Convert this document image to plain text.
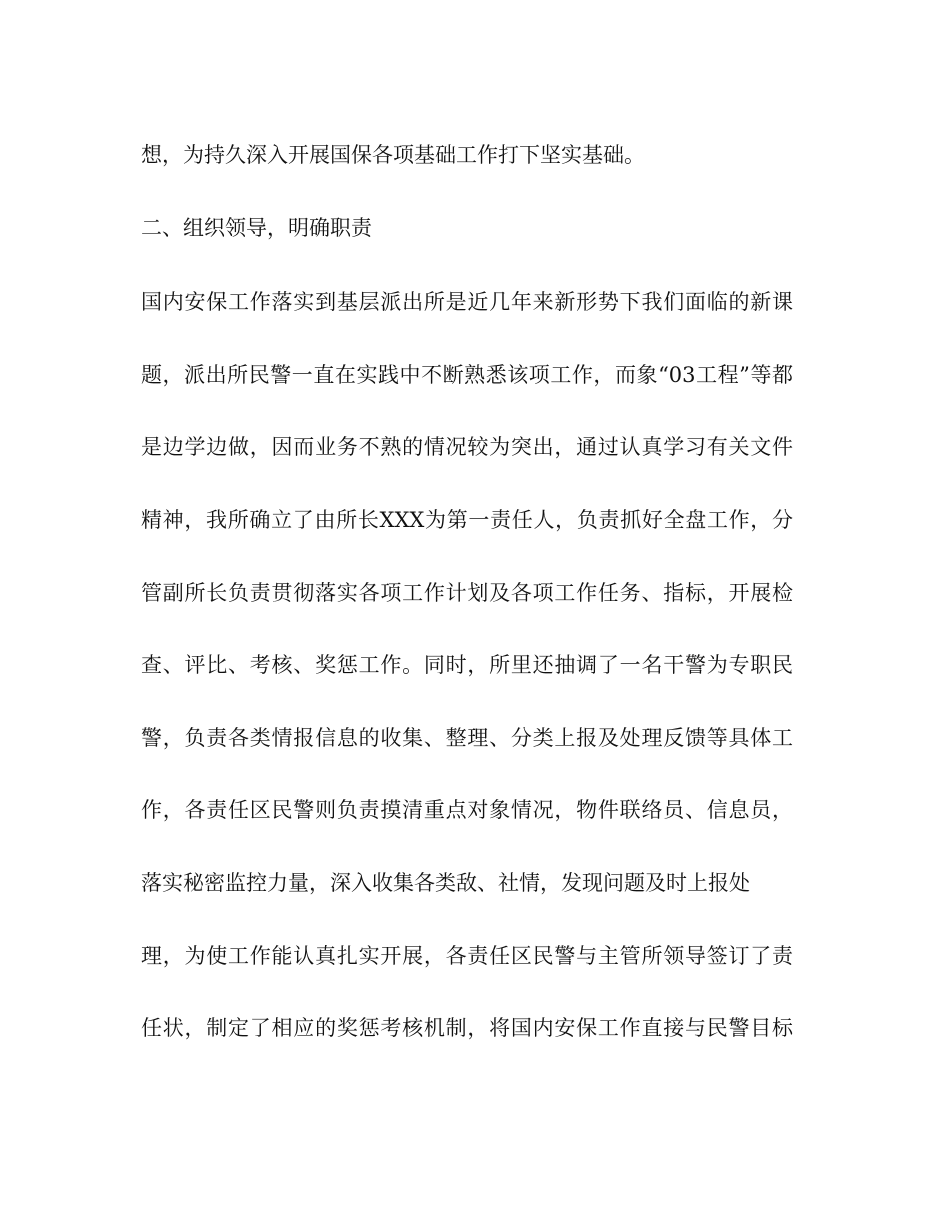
想，为持久深入开展国保各项基础工作打下坚实基础。

二、组织领导，明确职责

国内安保工作落实到基层派出所是近几年来新形势下我们面临的新课

题，派出所民警一直在实践中不断熟悉该项工作，而象“03工程”等都

是边学边做，因而业务不熟的情况较为突出，通过认真学习有关文件

精神，我所确立了由所长XXX为第一责任人，负责抓好全盘工作，分

管副所长负责贯彻落实各项工作计划及各项工作任务、指标，开展检

查、评比、考核、奖惩工作。同时，所里还抽调了一名干警为专职民

警，负责各类情报信息的收集、整理、分类上报及处理反馈等具体工

作，各责任区民警则负责摸清重点对象情况，物件联络员、信息员，

落实秘密监控力量，深入收集各类敌、社情，发现问题及时上报处

理，为使工作能认真扎实开展，各责任区民警与主管所领导签订了责

任状，制定了相应的奖惩考核机制，将国内安保工作直接与民警目标
